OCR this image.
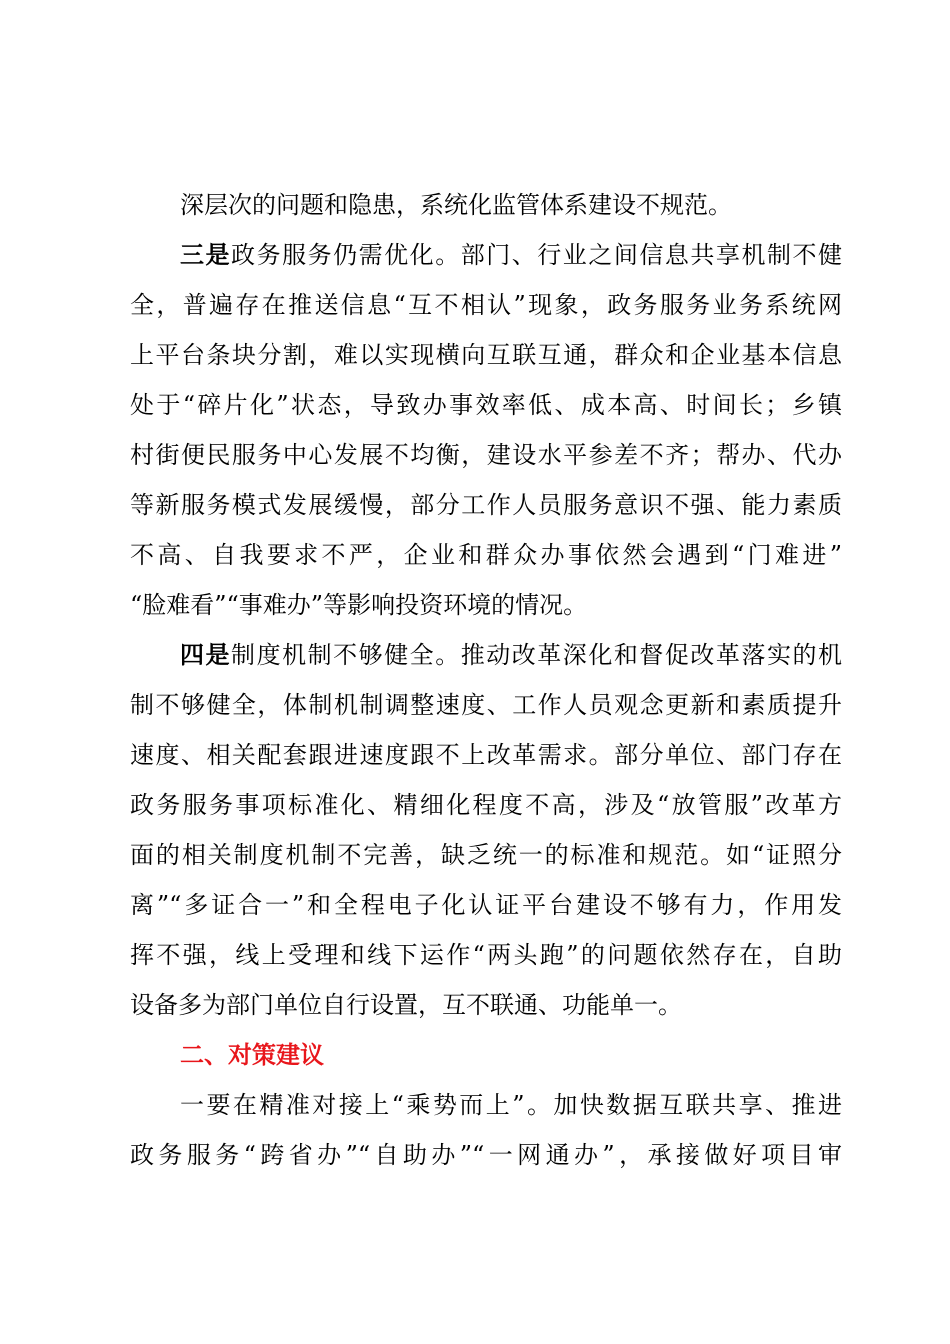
深层次的问题和隐患，系统化监管体系建设不规范。
三是政务服务仍需优化。部门、行业之间信息共享机制不健
全，普遍存在推送信息“互不相认”现象，政务服务业务系统网
上平台条块分割，难以实现横向互联互通，群众和企业基本信息
处于“碎片化”状态，导致办事效率低、成本高、时间长；乡镇
村街便民服务中心发展不均衡，建设水平参差不齐；帮办、代办
等新服务模式发展缓慢，部分工作人员服务意识不强、能力素质
不高、自我要求不严，企业和群众办事依然会遇到“门难进”
“脸难看”“事难办”等影响投资环境的情况。
四是制度机制不够健全。推动改革深化和督促改革落实的机
制不够健全，体制机制调整速度、工作人员观念更新和素质提升
速度、相关配套跟进速度跟不上改革需求。部分单位、部门存在
政务服务事项标准化、精细化程度不高，涉及“放管服”改革方
面的相关制度机制不完善，缺乏统一的标准和规范。如“证照分
离”“多证合一”和全程电子化认证平台建设不够有力，作用发
挥不强，线上受理和线下运作“两头跑”的问题依然存在，自助
设备多为部门单位自行设置，互不联通、功能单一。
二、对策建议
一要在精准对接上“乘势而上”。加快数据互联共享、推进
政务服务“跨省办”“自助办”“一网通办”，承接做好项目审
